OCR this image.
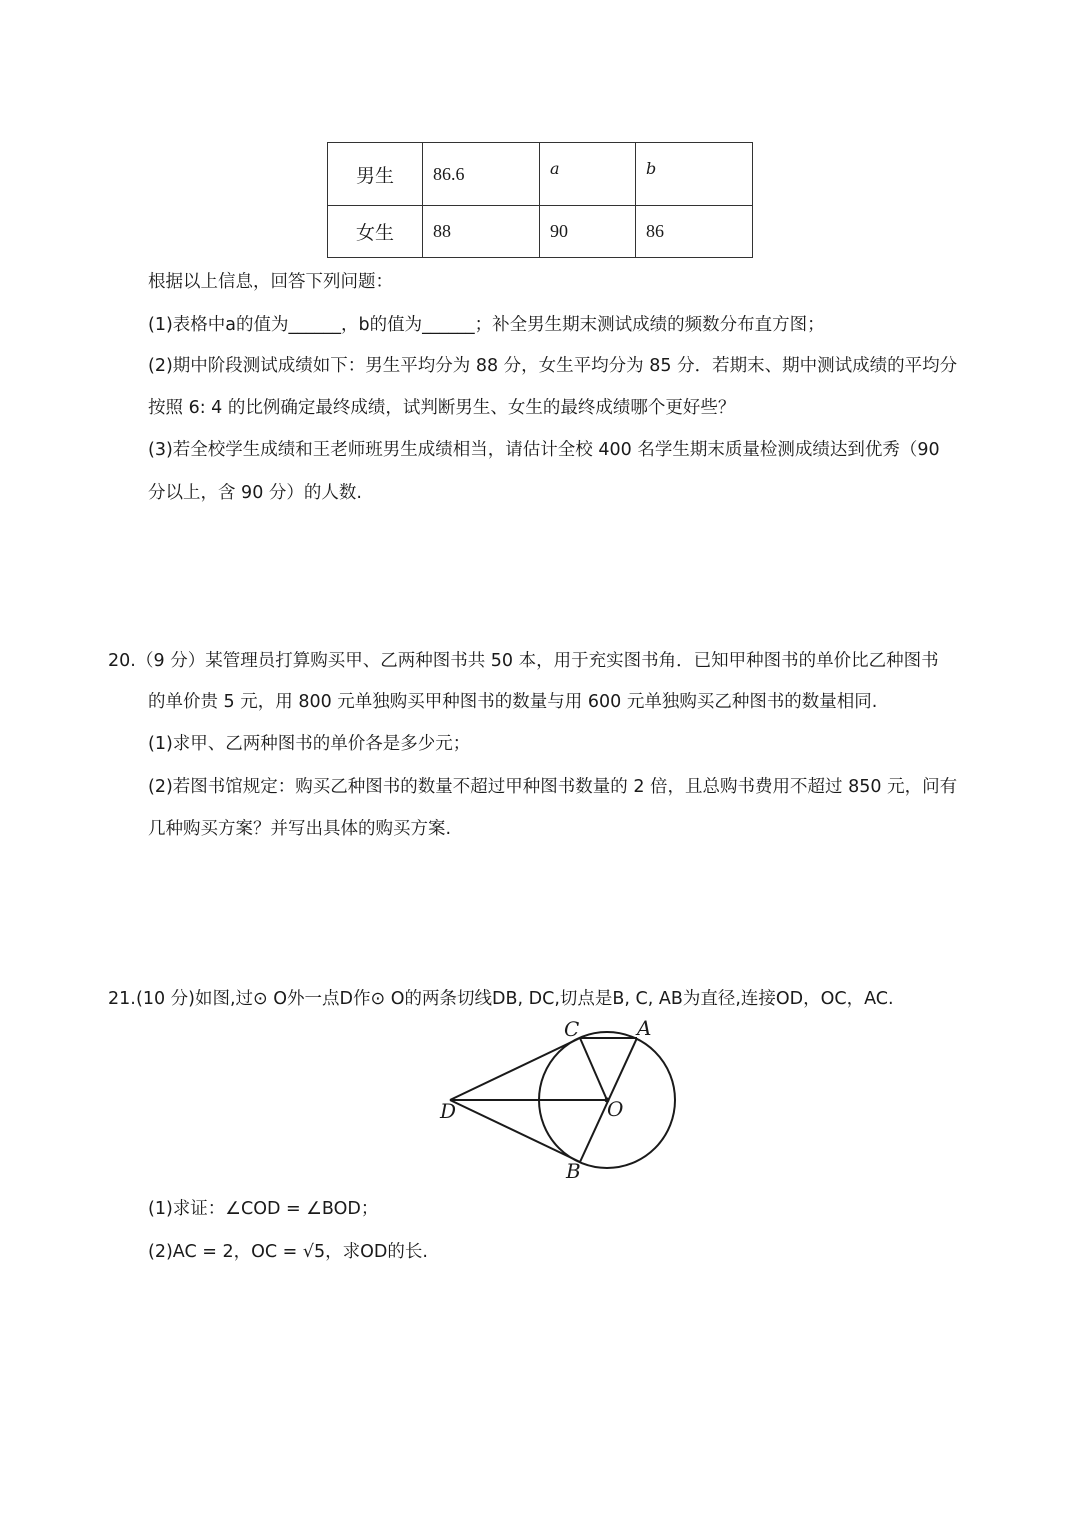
男生	86.6	a	b
女生	88	90	86
根据以上信息，回答下列问题：
(1)表格中a的值为______，b的值为______；补全男生期末测试成绩的频数分布直方图；
(2)期中阶段测试成绩如下：男生平均分为 88 分，女生平均分为 85 分．若期末、期中测试成绩的平均分
按照 6: 4 的比例确定最终成绩，试判断男生、女生的最终成绩哪个更好些？
(3)若全校学生成绩和王老师班男生成绩相当，请估计全校 400 名学生期末质量检测成绩达到优秀（90
分以上，含 90 分）的人数.
20. （9 分）某管理员打算购买甲、乙两种图书共 50 本，用于充实图书角．已知甲种图书的单价比乙种图书
的单价贵 5 元，用 800 元单独购买甲种图书的数量与用 600 元单独购买乙种图书的数量相同.
(1)求甲、乙两种图书的单价各是多少元；
(2)若图书馆规定：购买乙种图书的数量不超过甲种图书数量的 2 倍，且总购书费用不超过 850 元，问有
几种购买方案？并写出具体的购买方案.
21. (10 分)如图,过⊙ O外一点D作⊙ O的两条切线DB, DC,切点是B, C, AB为直径,连接OD，OC，AC.
C	A
D	O
B
(1)求证：∠COD = ∠BOD；
(2)AC = 2，OC = √5，求OD的长.
